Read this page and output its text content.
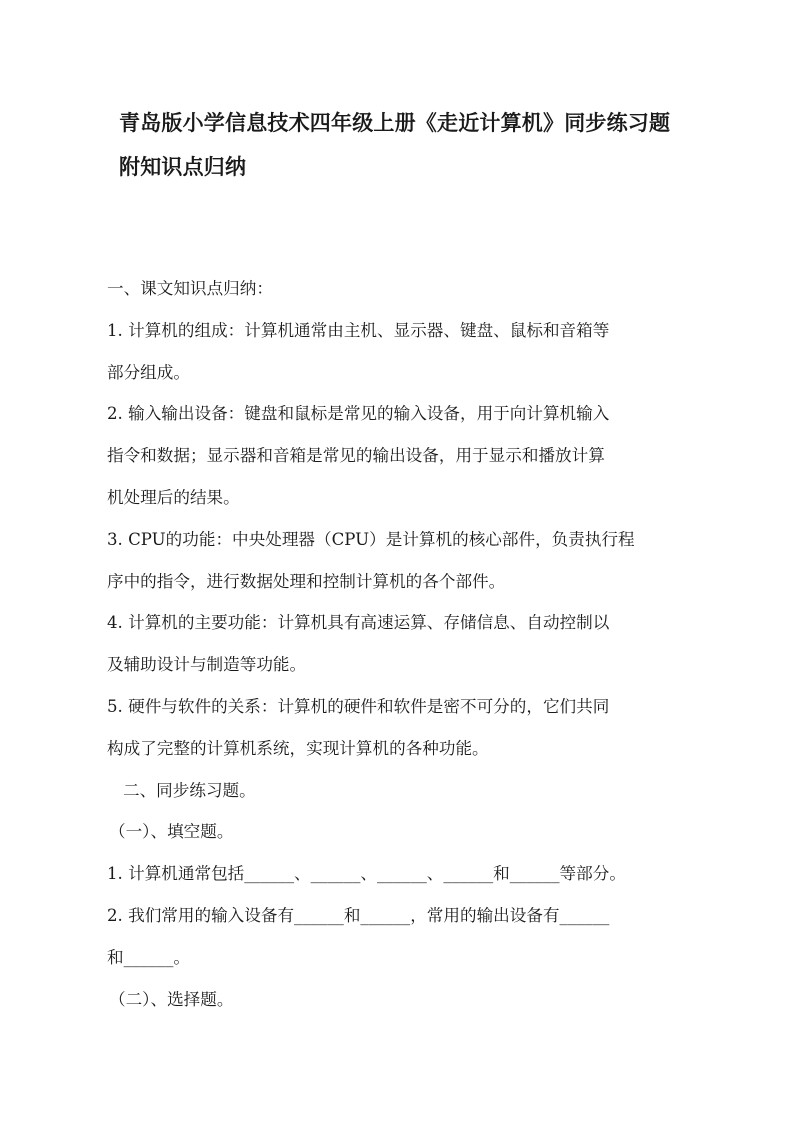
青岛版小学信息技术四年级上册《走近计算机》同步练习题
附知识点归纳
一、课文知识点归纳：
1. 计算机的组成：计算机通常由主机、显示器、键盘、鼠标和音箱等
部分组成。
2. 输入输出设备：键盘和鼠标是常见的输入设备，用于向计算机输入
指令和数据；显示器和音箱是常见的输出设备，用于显示和播放计算
机处理后的结果。
3. CPU的功能：中央处理器（CPU）是计算机的核心部件，负责执行程
序中的指令，进行数据处理和控制计算机的各个部件。
4. 计算机的主要功能：计算机具有高速运算、存储信息、自动控制以
及辅助设计与制造等功能。
5. 硬件与软件的关系：计算机的硬件和软件是密不可分的，它们共同
构成了完整的计算机系统，实现计算机的各种功能。
二、同步练习题。
（一）、填空题。
1. 计算机通常包括______、______、______、______和______等部分。
2. 我们常用的输入设备有______和______，常用的输出设备有______
和______。
（二）、选择题。
